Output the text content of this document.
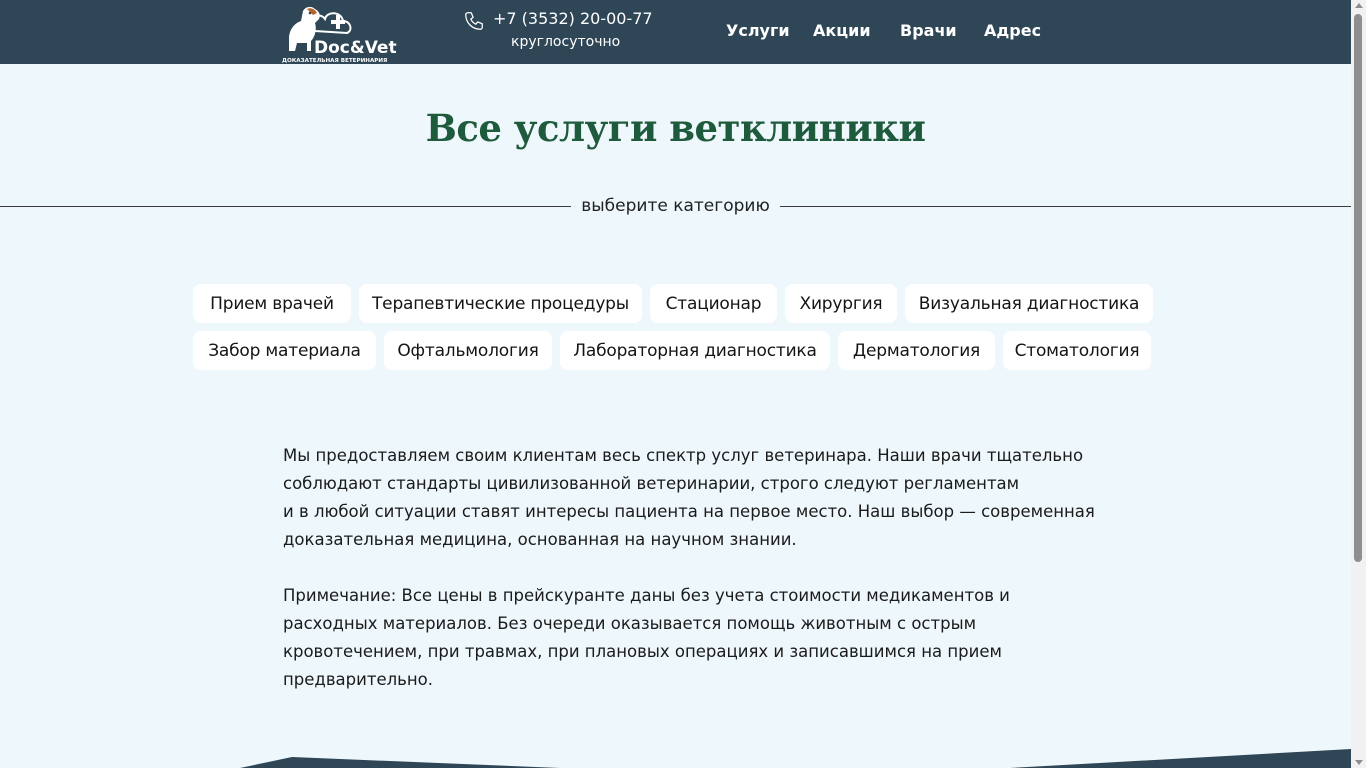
Doc&Vet
ДОКАЗАТЕЛЬНАЯ ВЕТЕРИНАРИЯ
+7 (3532) 20-00-77
круглосуточно
Услуги Акции Врачи Адрес
Все услуги ветклиники
выберите категорию
Прием врачей	Терапевтические процедуры	Стационар	Хирургия	Визуальная диагностика
Забор материала	Офтальмология	Лабораторная диагностика	Дерматология	Стоматология
Мы предоставляем своим клиентам весь спектр услуг ветеринара. Наши врачи тщательно
соблюдают стандарты цивилизованной ветеринарии, строго следуют регламентам
и в любой ситуации ставят интересы пациента на первое место. Наш выбор — современная
доказательная медицина, основанная на научном знании.
Примечание: Все цены в прейскуранте даны без учета стоимости медикаментов и
расходных материалов. Без очереди оказывается помощь животным с острым
кровотечением, при травмах, при плановых операциях и записавшимся на прием
предварительно.
